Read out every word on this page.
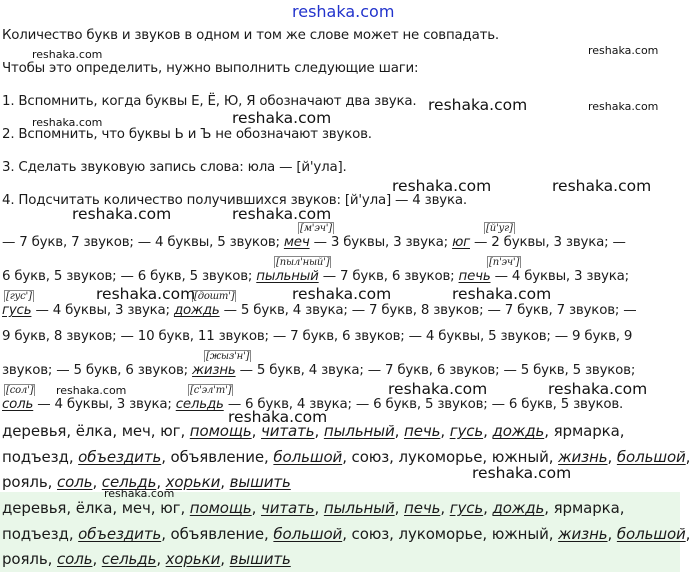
reshaka.com
Количество букв и звуков в одном и том же слове может не совпадать.
Чтобы это определить, нужно выполнить следующие шаги:
1. Вспомнить, когда буквы Е, Ё, Ю, Я обозначают два звука.
2. Вспомнить, что буквы Ь и Ъ не обозначают звуков.
3. Сделать звуковую запись слова: юла — [й'ула].
4. Подсчитать количество получившихся звуков: [й'ула] — 4 звука.
[м'эч']	[й'уг]
[пыл'ный']	[п'эч']
[гус']	[дошт']
[жыз'н']
[сол']	[с'эл'т']
— 7 букв, 7 звуков; — 4 буквы, 5 звуков; меч — 3 буквы, 3 звука; юг — 2 буквы, 3 звука; —
6 букв, 5 звуков; — 6 букв, 5 звуков; пыльный — 7 букв, 6 звуков; печь — 4 буквы, 3 звука;
гусь — 4 буквы, 3 звука; дождь — 5 букв, 4 звука; — 7 букв, 8 звуков; — 7 букв, 7 звуков; —
9 букв, 8 звуков; — 10 букв, 11 звуков; — 7 букв, 6 звуков; — 4 буквы, 5 звуков; — 9 букв, 9
звуков; — 5 букв, 6 звуков; жизнь — 5 букв, 4 звука; — 7 букв, 6 звуков; — 5 букв, 5 звуков;
соль — 4 буквы, 3 звука; сельдь — 6 букв, 4 звука; — 6 букв, 5 звуков; — 6 букв, 5 звуков.
деревья, ёлка, меч, юг, помощь, читать, пыльный, печь, гусь, дождь, ярмарка,
подъезд, объездить, объявление, большой, союз, лукоморье, южный, жизнь, большой,
рояль, соль, сельдь, хорьки, вышить
деревья, ёлка, меч, юг, помощь, читать, пыльный, печь, гусь, дождь, ярмарка,
подъезд, объездить, объявление, большой, союз, лукоморье, южный, жизнь, большой,
рояль, соль, сельдь, хорьки, вышить
reshaka.com	reshaka.com
reshaka.com	reshaka.com
reshaka.com	reshaka.com
reshaka.com	reshaka.com
reshaka.com	reshaka.com
reshaka.com	reshaka.com	reshaka.com
reshaka.com	reshaka.com	reshaka.com
reshaka.com
reshaka.com
reshaka.com
